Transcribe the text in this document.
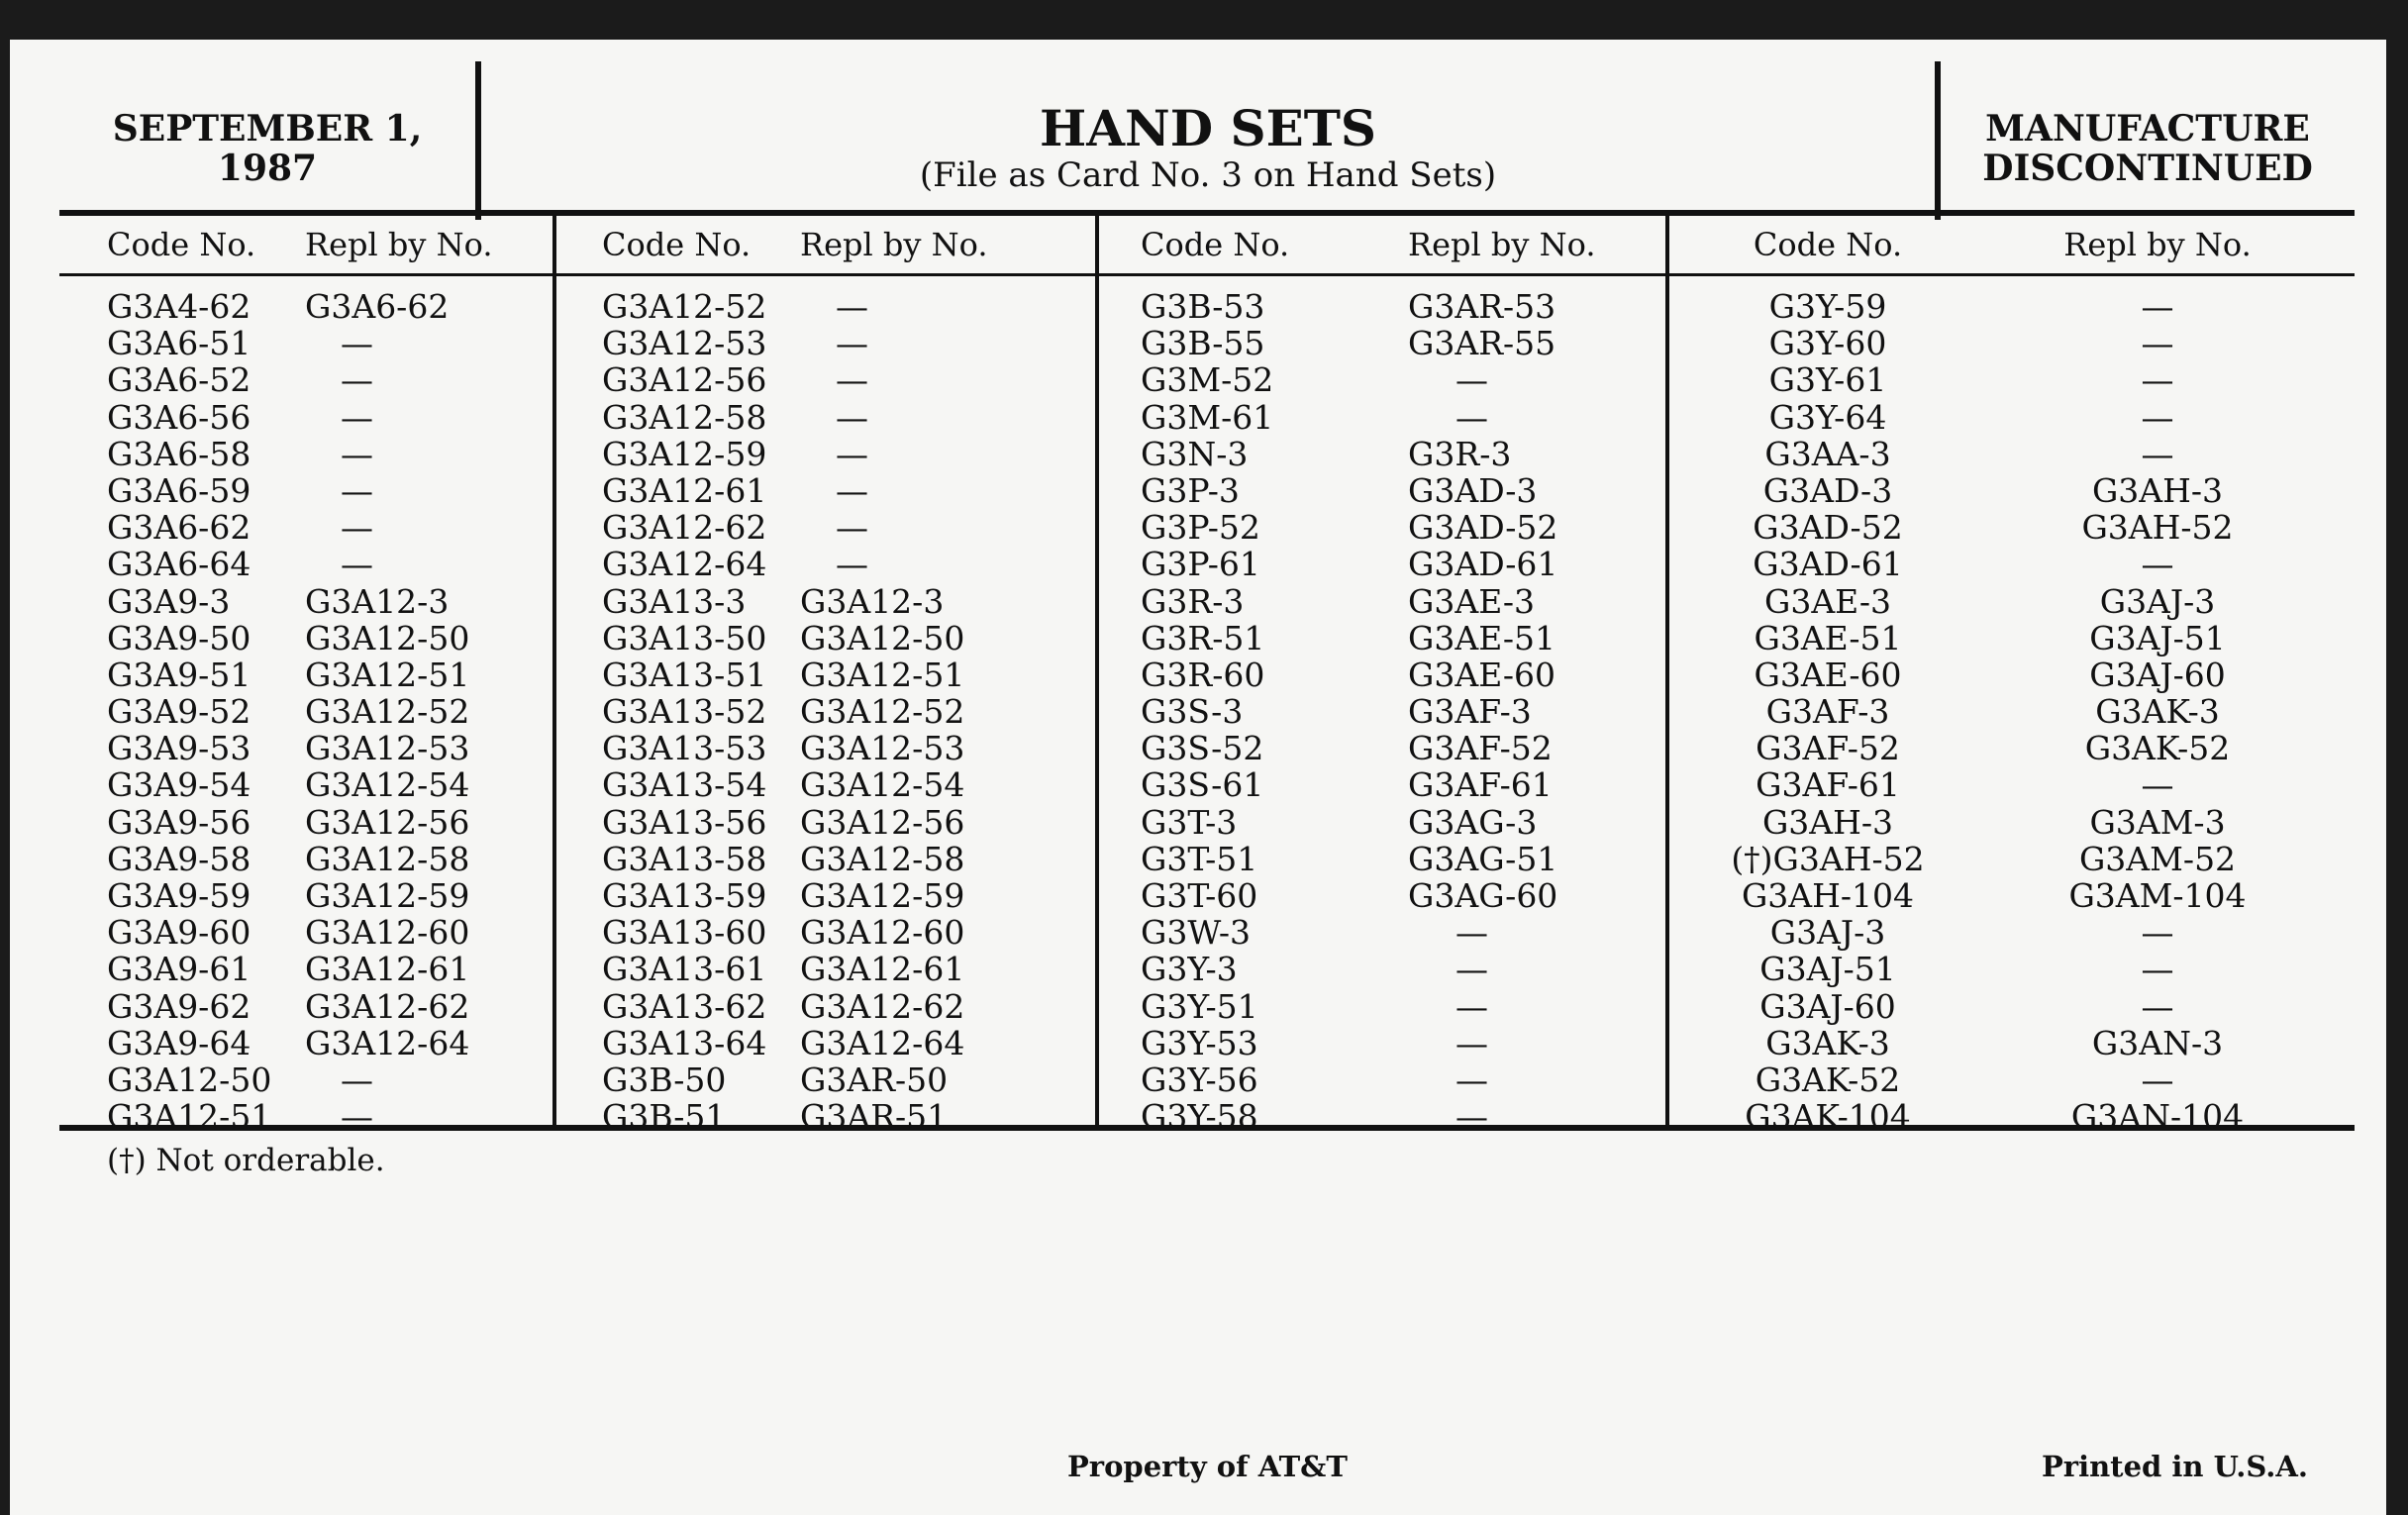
SEPTEMBER 1,
1987
HAND SETS
(File as Card No. 3 on Hand Sets)
MANUFACTURE
DISCONTINUED
Code No.	Repl by No.
G3A4-62	G3A6-62
G3A6-51	—
G3A6-52	—
G3A6-56	—
G3A6-58	—
G3A6-59	—
G3A6-62	—
G3A6-64	—
G3A9-3	G3A12-3
G3A9-50	G3A12-50
G3A9-51	G3A12-51
G3A9-52	G3A12-52
G3A9-53	G3A12-53
G3A9-54	G3A12-54
G3A9-56	G3A12-56
G3A9-58	G3A12-58
G3A9-59	G3A12-59
G3A9-60	G3A12-60
G3A9-61	G3A12-61
G3A9-62	G3A12-62
G3A9-64	G3A12-64
G3A12-50	—
G3A12-51	—
Code No.	Repl by No.
G3A12-52	—
G3A12-53	—
G3A12-56	—
G3A12-58	—
G3A12-59	—
G3A12-61	—
G3A12-62	—
G3A12-64	—
G3A13-3	G3A12-3
G3A13-50	G3A12-50
G3A13-51	G3A12-51
G3A13-52	G3A12-52
G3A13-53	G3A12-53
G3A13-54	G3A12-54
G3A13-56	G3A12-56
G3A13-58	G3A12-58
G3A13-59	G3A12-59
G3A13-60	G3A12-60
G3A13-61	G3A12-61
G3A13-62	G3A12-62
G3A13-64	G3A12-64
G3B-50	G3AR-50
G3B-51	G3AR-51
Code No.	Repl by No.
G3B-53	G3AR-53
G3B-55	G3AR-55
G3M-52	—
G3M-61	—
G3N-3	G3R-3
G3P-3	G3AD-3
G3P-52	G3AD-52
G3P-61	G3AD-61
G3R-3	G3AE-3
G3R-51	G3AE-51
G3R-60	G3AE-60
G3S-3	G3AF-3
G3S-52	G3AF-52
G3S-61	G3AF-61
G3T-3	G3AG-3
G3T-51	G3AG-51
G3T-60	G3AG-60
G3W-3	—
G3Y-3	—
G3Y-51	—
G3Y-53	—
G3Y-56	—
G3Y-58	—
Code No.	Repl by No.
G3Y-59	—
G3Y-60	—
G3Y-61	—
G3Y-64	—
G3AA-3	—
G3AD-3	G3AH-3
G3AD-52	G3AH-52
G3AD-61	—
G3AE-3	G3AJ-3
G3AE-51	G3AJ-51
G3AE-60	G3AJ-60
G3AF-3	G3AK-3
G3AF-52	G3AK-52
G3AF-61	—
G3AH-3	G3AM-3
(†)G3AH-52	G3AM-52
G3AH-104	G3AM-104
G3AJ-3	—
G3AJ-51	—
G3AJ-60	—
G3AK-3	G3AN-3
G3AK-52	—
G3AK-104	G3AN-104
(†) Not orderable.
Property of AT&T	Printed in U.S.A.
